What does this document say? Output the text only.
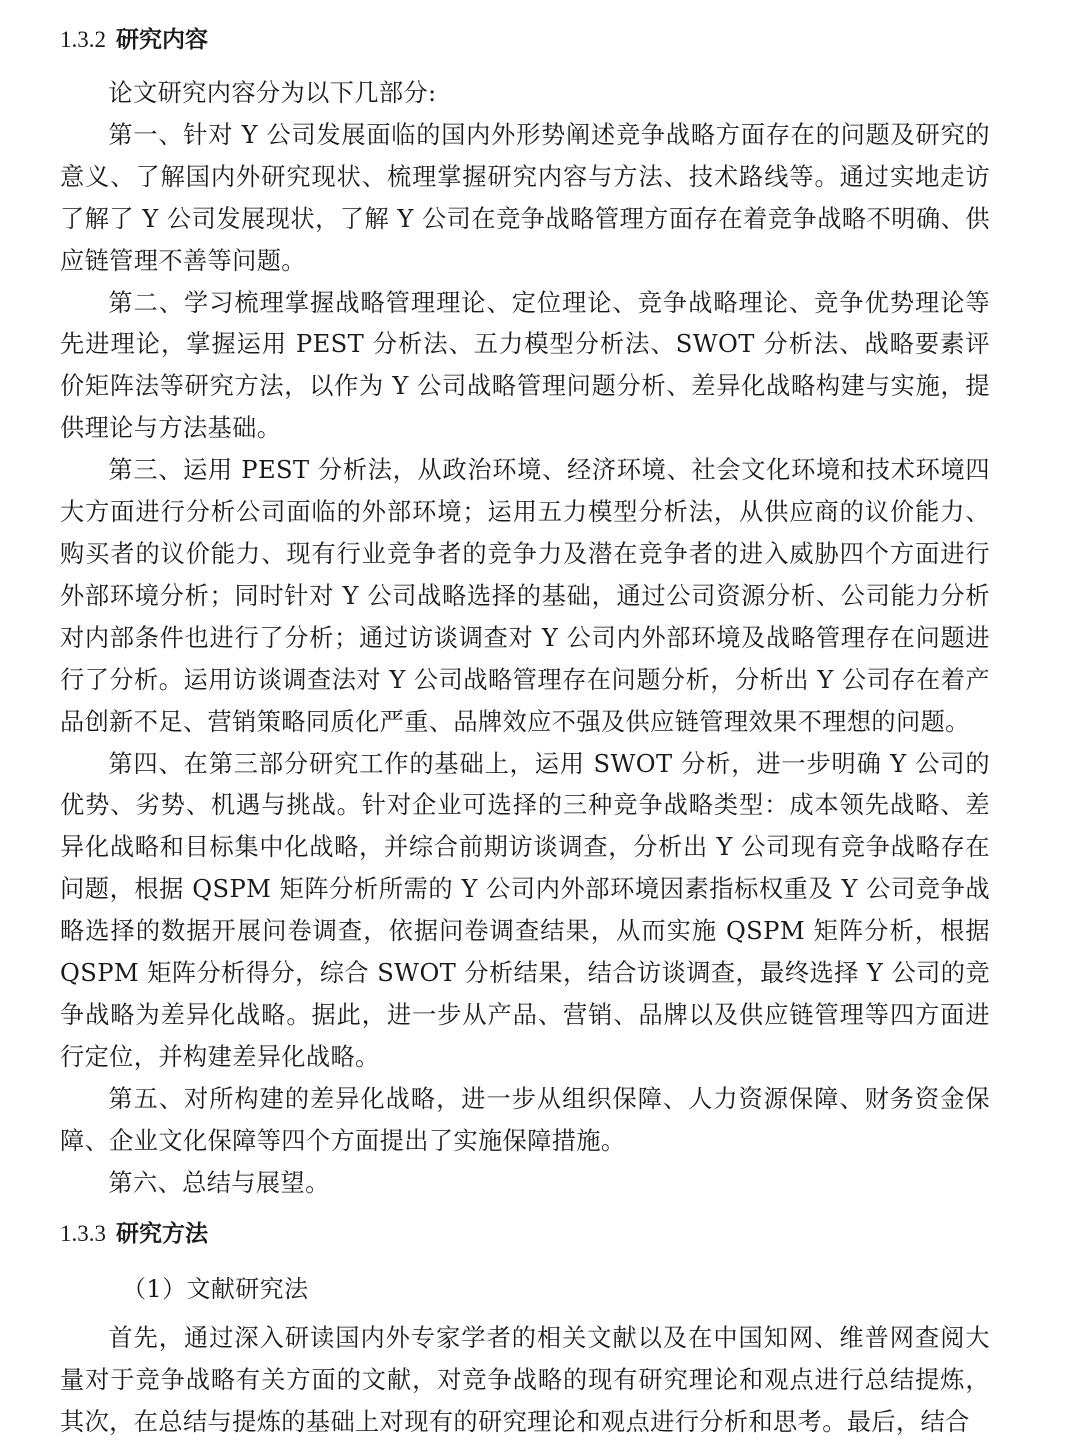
1.3.2 研究内容

论文研究内容分为以下几部分:

第一、针对 Y 公司发展面临的国内外形势阐述竞争战略方面存在的问题及研究的意义、了解国内外研究现状、梳理掌握研究内容与方法、技术路线等。通过实地走访了解了 Y 公司发展现状，了解 Y 公司在竞争战略管理方面存在着竞争战略不明确、供应链管理不善等问题。

第二、学习梳理掌握战略管理理论、定位理论、竞争战略理论、竞争优势理论等先进理论，掌握运用 PEST 分析法、五力模型分析法、SWOT 分析法、战略要素评价矩阵法等研究方法，以作为 Y 公司战略管理问题分析、差异化战略构建与实施，提供理论与方法基础。

第三、运用 PEST 分析法，从政治环境、经济环境、社会文化环境和技术环境四大方面进行分析公司面临的外部环境；运用五力模型分析法，从供应商的议价能力、购买者的议价能力、现有行业竞争者的竞争力及潜在竞争者的进入威胁四个方面进行外部环境分析；同时针对 Y 公司战略选择的基础，通过公司资源分析、公司能力分析对内部条件也进行了分析；通过访谈调查对 Y 公司内外部环境及战略管理存在问题进行了分析。运用访谈调查法对 Y 公司战略管理存在问题分析，分析出 Y 公司存在着产品创新不足、营销策略同质化严重、品牌效应不强及供应链管理效果不理想的问题。

第四、在第三部分研究工作的基础上，运用 SWOT 分析，进一步明确 Y 公司的优势、劣势、机遇与挑战。针对企业可选择的三种竞争战略类型：成本领先战略、差异化战略和目标集中化战略，并综合前期访谈调查，分析出 Y 公司现有竞争战略存在问题，根据 QSPM 矩阵分析所需的 Y 公司内外部环境因素指标权重及 Y 公司竞争战略选择的数据开展问卷调查，依据问卷调查结果，从而实施 QSPM 矩阵分析，根据 QSPM 矩阵分析得分，综合 SWOT 分析结果，结合访谈调查，最终选择 Y 公司的竞争战略为差异化战略。据此，进一步从产品、营销、品牌以及供应链管理等四方面进行定位，并构建差异化战略。

第五、对所构建的差异化战略，进一步从组织保障、人力资源保障、财务资金保障、企业文化保障等四个方面提出了实施保障措施。

第六、总结与展望。

1.3.3 研究方法

（1）文献研究法

首先，通过深入研读国内外专家学者的相关文献以及在中国知网、维普网查阅大量对于竞争战略有关方面的文献，对竞争战略的现有研究理论和观点进行总结提炼，其次，在总结与提炼的基础上对现有的研究理论和观点进行分析和思考。最后，结合
